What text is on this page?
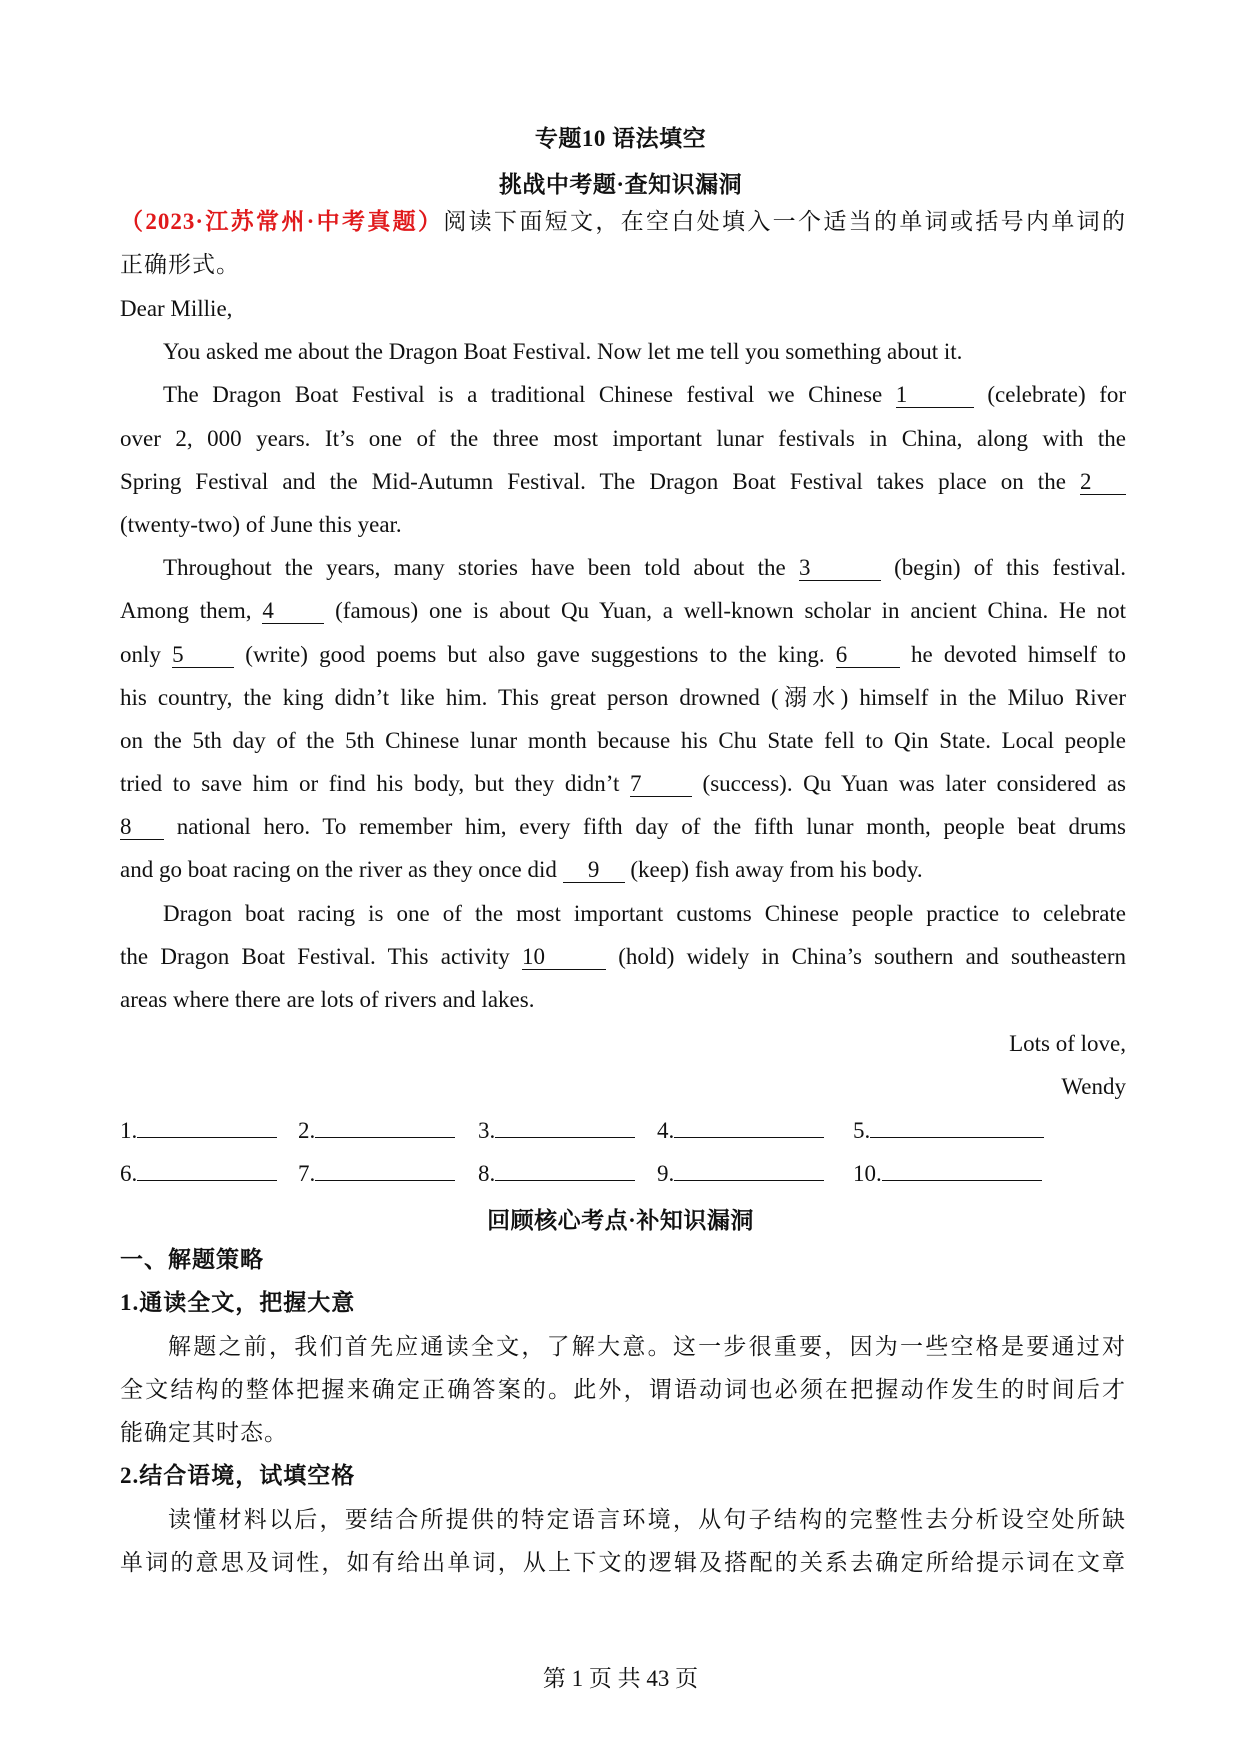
专题10 语法填空
挑战中考题·查知识漏洞
（2023·江苏常州·中考真题）阅读下面短文，在空白处填入一个适当的单词或括号内单词的
正确形式。
Dear Millie,
You asked me about the Dragon Boat Festival. Now let me tell you something about it.
The Dragon Boat Festival is a traditional Chinese festival we Chinese 1	(celebrate) for
over 2, 000 years. It’s one of the three most important lunar festivals in China, along with the
Spring Festival and the Mid-Autumn Festival. The Dragon Boat Festival takes place on the 2
(twenty-two) of June this year.
Throughout the years, many stories have been told about the 3	(begin) of this festival.
Among them, 4	(famous) one is about Qu Yuan, a well-known scholar in ancient China. He not
only 5	(write) good poems but also gave suggestions to the king. 6	he devoted himself to
his country, the king didn’t like him. This great person drowned (溺水) himself in the Miluo River
on the 5th day of the 5th Chinese lunar month because his Chu State fell to Qin State. Local people
tried to save him or find his body, but they didn’t 7	(success). Qu Yuan was later considered as
8 national hero. To remember him, every fifth day of the fifth lunar month, people beat drums
and go boat racing on the river as they once did 9 (keep) fish away from his body.
Dragon boat racing is one of the most important customs Chinese people practice to celebrate
the Dragon Boat Festival. This activity 10	(hold) widely in China’s southern and southeastern
areas where there are lots of rivers and lakes.
Lots of love,
Wendy
1.	2.	3.	4.	5.
6.	7.	8.	9.	10.
回顾核心考点·补知识漏洞
一、解题策略
1.通读全文，把握大意
解题之前，我们首先应通读全文，了解大意。这一步很重要，因为一些空格是要通过对
全文结构的整体把握来确定正确答案的。此外，谓语动词也必须在把握动作发生的时间后才
能确定其时态。
2.结合语境，试填空格
读懂材料以后，要结合所提供的特定语言环境，从句子结构的完整性去分析设空处所缺
单词的意思及词性，如有给出单词，从上下文的逻辑及搭配的关系去确定所给提示词在文章
第 1 页 共 43 页
